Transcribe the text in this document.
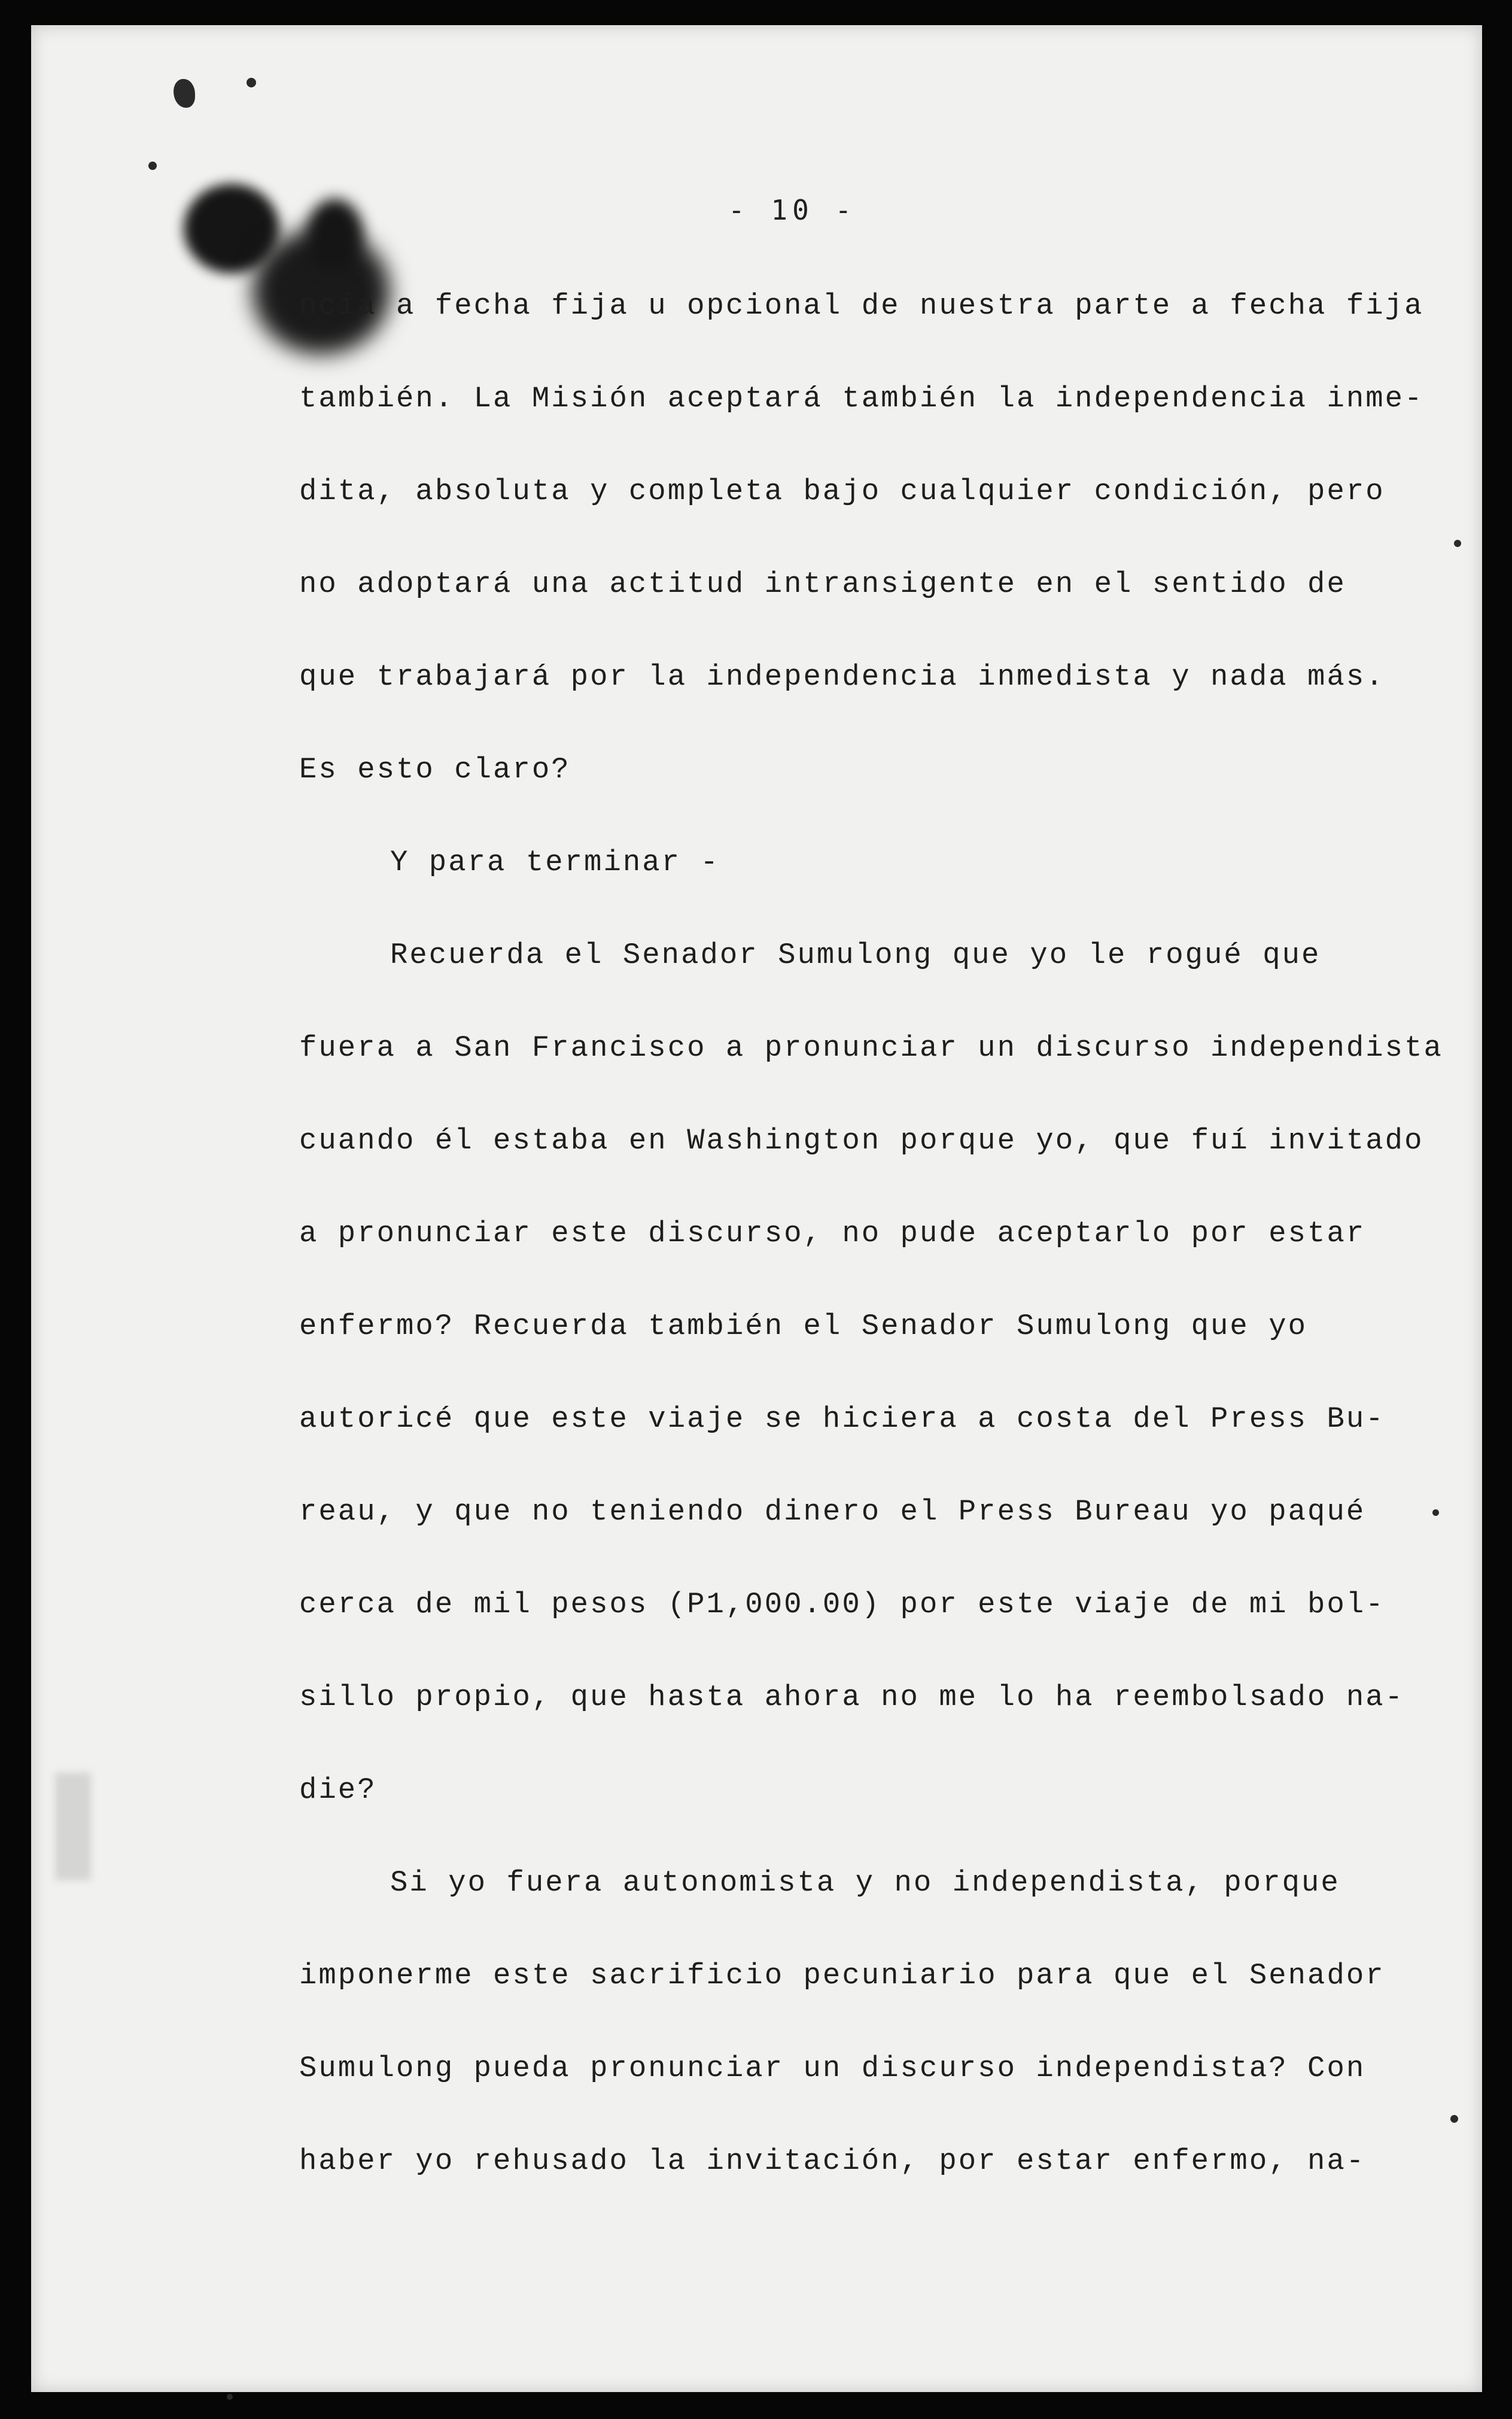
- 10 -
ncia a fecha fija u opcional de nuestra parte a fecha fija
también. La Misión aceptará también la independencia inme-
dita, absoluta y completa bajo cualquier condición, pero
no adoptará una actitud intransigente en el sentido de
que trabajará por la independencia inmedista y nada más.
Es esto claro?
Y para terminar -
Recuerda el Senador Sumulong que yo le rogué que
fuera a San Francisco a pronunciar un discurso independista
cuando él estaba en Washington porque yo, que fuí invitado
a pronunciar este discurso, no pude aceptarlo por estar
enfermo? Recuerda también el Senador Sumulong que yo
autoricé que este viaje se hiciera a costa del Press Bu-
reau, y que no teniendo dinero el Press Bureau yo paqué
cerca de mil pesos (P1,000.00) por este viaje de mi bol-
sillo propio, que hasta ahora no me lo ha reembolsado na-
die?
Si yo fuera autonomista y no independista, porque
imponerme este sacrificio pecuniario para que el Senador
Sumulong pueda pronunciar un discurso independista? Con
haber yo rehusado la invitación, por estar enfermo, na-
